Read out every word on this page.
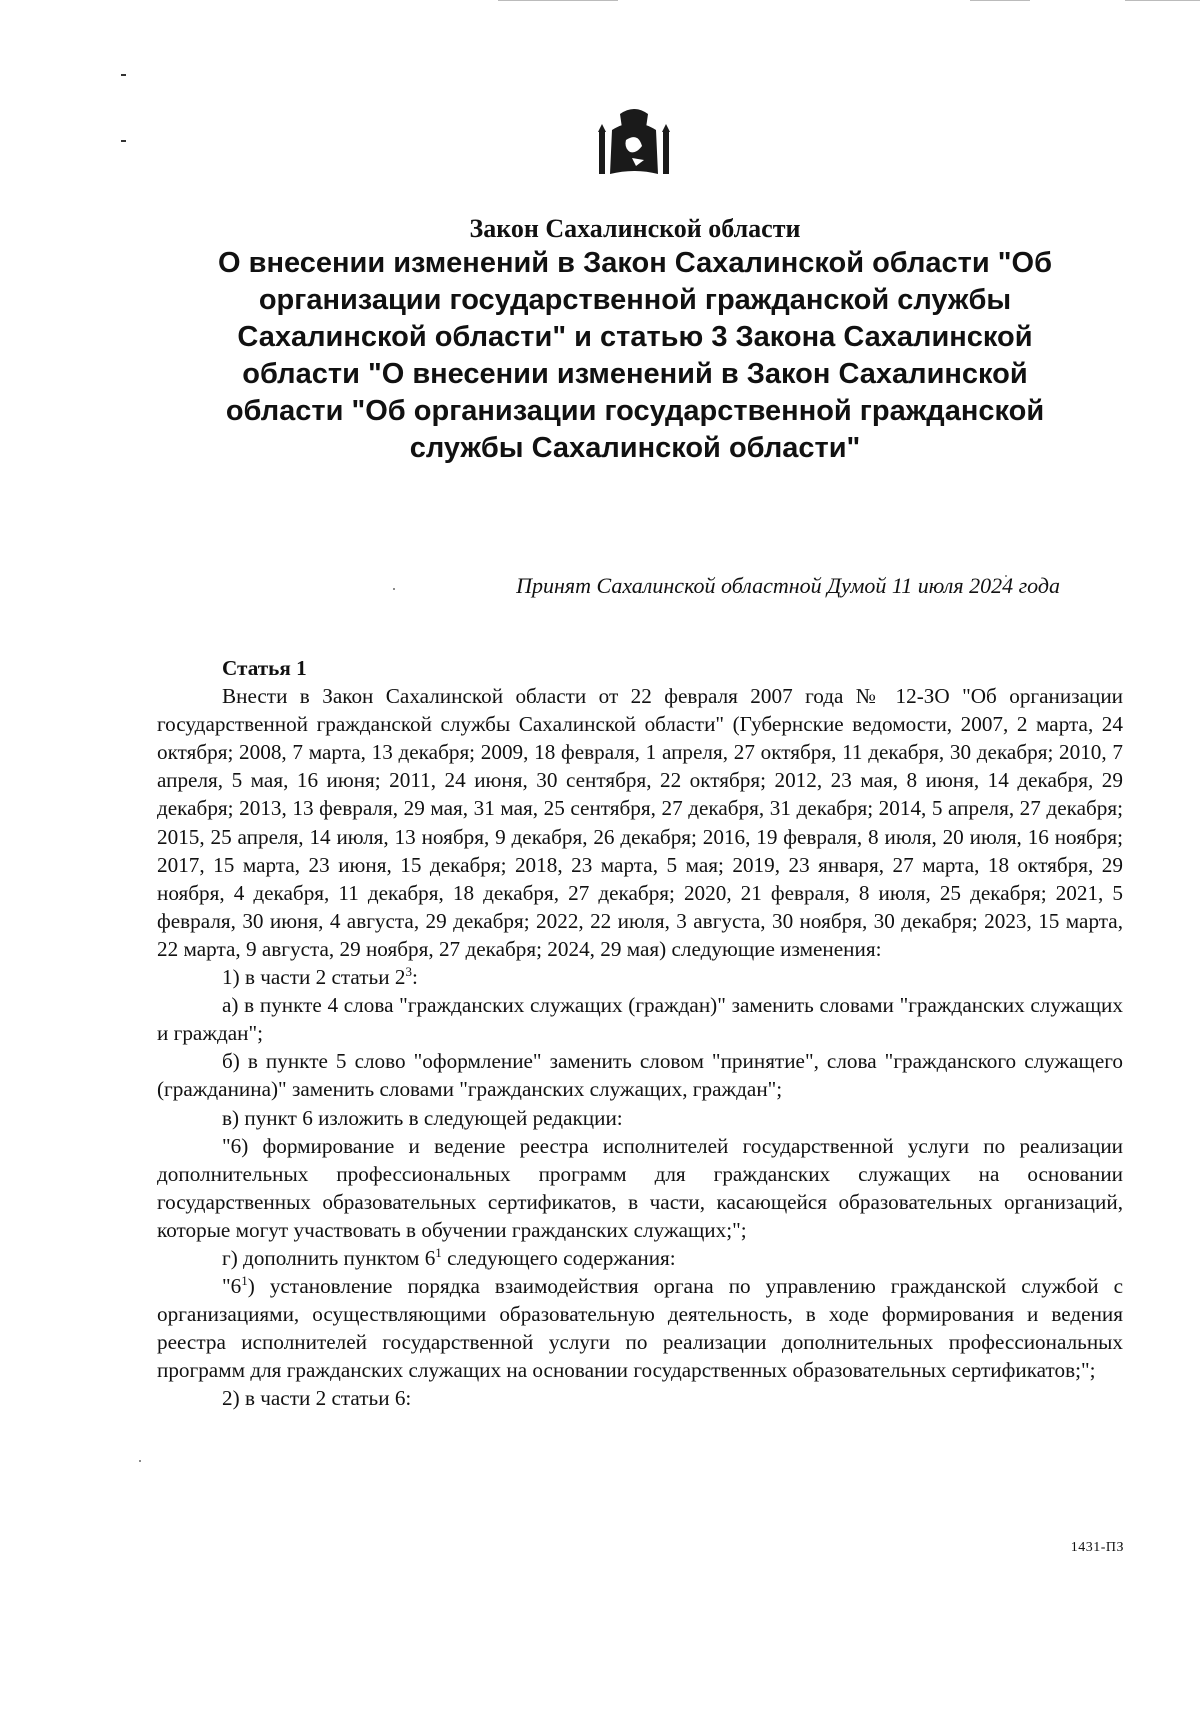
Закон Сахалинской области
О внесении изменений в Закон Сахалинской области "Об организации государственной гражданской службы Сахалинской области" и статью 3 Закона Сахалинской области "О внесении изменений в Закон Сахалинской области "Об организации государственной гражданской службы Сахалинской области"
Принят Сахалинской областной Думой 11 июля 2024 года
Статья 1

Внести в Закон Сахалинской области от 22 февраля 2007 года № 12-ЗО "Об организации государственной гражданской службы Сахалинской области" (Губернские ведомости, 2007, 2 марта, 24 октября; 2008, 7 марта, 13 декабря; 2009, 18 февраля, 1 апреля, 27 октября, 11 декабря, 30 декабря; 2010, 7 апреля, 5 мая, 16 июня; 2011, 24 июня, 30 сентября, 22 октября; 2012, 23 мая, 8 июня, 14 декабря, 29 декабря; 2013, 13 февраля, 29 мая, 31 мая, 25 сентября, 27 декабря, 31 декабря; 2014, 5 апреля, 27 декабря; 2015, 25 апреля, 14 июля, 13 ноября, 9 декабря, 26 декабря; 2016, 19 февраля, 8 июля, 20 июля, 16 ноября; 2017, 15 марта, 23 июня, 15 декабря; 2018, 23 марта, 5 мая; 2019, 23 января, 27 марта, 18 октября, 29 ноября, 4 декабря, 11 декабря, 18 декабря, 27 декабря; 2020, 21 февраля, 8 июля, 25 декабря; 2021, 5 февраля, 30 июня, 4 августа, 29 декабря; 2022, 22 июля, 3 августа, 30 ноября, 30 декабря; 2023, 15 марта, 22 марта, 9 августа, 29 ноября, 27 декабря; 2024, 29 мая) следующие изменения:

1) в части 2 статьи $2^3$:

а) в пункте 4 слова "гражданских служащих (граждан)" заменить словами "гражданских служащих и граждан";

б) в пункте 5 слово "оформление" заменить словом "принятие", слова "гражданского служащего (гражданина)" заменить словами "гражданских служащих, граждан";

в) пункт 6 изложить в следующей редакции:

"6) формирование и ведение реестра исполнителей государственной услуги по реализации дополнительных профессиональных программ для гражданских служащих на основании государственных образовательных сертификатов, в части, касающейся образовательных организаций, которые могут участвовать в обучении гражданских служащих;";

г) дополнить пунктом $6^1$ следующего содержания:

"$6^1$) установление порядка взаимодействия органа по управлению гражданской службой с организациями, осуществляющими образовательную деятельность, в ходе формирования и ведения реестра исполнителей государственной услуги по реализации дополнительных профессиональных программ для гражданских служащих на основании государственных образовательных сертификатов;";

2) в части 2 статьи 6:

1431-ПЗ
